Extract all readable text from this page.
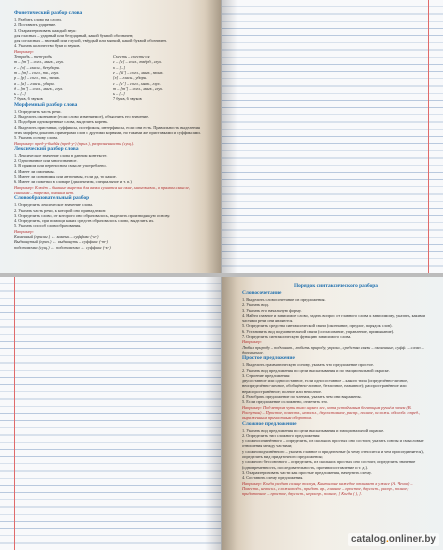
Фонетический разбор слова

1. Разбить слово на слоги.

2. Поставить ударение.

3. Охарактеризовать каждый звук:

для гласных – ударный или безударный, какой буквой обозначен;

для согласных – звонкий или глухой, твёрдый или мягкий, какой буквой обозначен.

4. Указать количество букв и звуков.

Например:

Тетрадь – тет-радь

т – [т’] – согл., мягк., глух.

е – [э] – гласн., безударн.

т – [т] – согл., тв., глух.

р – [р] – согл., тв., звонк.

а – [а] – гласн., ударн.

д – [т’] – согл., мягк., глух.

ь – [–]

7 букв, 6 звуков

Съесть – съесть-ся

с – [с] – согл., твёрд., глух.

ъ – [–]

е – [й’] – согл., мягк., звонк.

[э] – гласн., ударн.

с – [с’] – согл., мягк., глух.

т – [т’] – согл., мягк., глух.

ь – [–]

7 букв, 6 звуков

Морфемный разбор слова

1. Определить часть речи.

2. Выделить окончание (если слово изменяемое), объяснить его значение.

3. Подобрав однокоренные слова, выделить корень.

4. Выделить приставки, суффиксы, постфиксы, интерфиксы, если они есть. Правильность выделения этих морфем доказать примерами слов с другими корнями, но такими же приставками и суффиксами.

5. Указать основу слова.

Например: пред-у-быдйя (пред-у-) (прил.), разрозненность (сущ.).

Лексический разбор слова

1. Лексическое значение слова в данном контексте.

2. Однозначное или многозначное.

3. В прямом или переносном смысле употреблено.

4. Имеет ли омонимы.

5. Имеет ли синонимы или антонимы, если да, то какие.

6. Имеет ли пометки в словаре (диалектизм, специальное и т. п.)

Например: Клюёт – бывшие вырезки для вязки сушатся на окне, многозначн., в прямом смысле, синоним – тарелка, омоним нет.

Словообразовательный разбор

1. Определить лексическое значение слова.

2. Указать часть речи, к которой оно принадлежит.

3. Определить слово, от которого оно образовалось, выделить производящую основу.

4. Определить, при помощи каких средств образовалось слово, выделить их.

5. Указать способ словообразования.

Например:

Каменный (прилаг.) ← камень – суффикс (-н-)

Выдвинутый (прич.) ← выдвинуть – суффикс (-т-)

подставочка (сущ.) ← подставочка ← суффикс (-к-)

Порядок синтаксического разбора

Словосочетание

1. Выделить словосочетание из предложения.

2. Указать вид.

3. Указать его начальную форму.

4. Найти главное и зависимое слово, задать вопрос от главного слова к зависимому, указать, какими частями речи они являются.

5. Определить средства синтаксической связи (окончание, предлог, порядок слов).

6. Установить вид подчинительной связи (согласование, управление, примыкание).

7. Определить синтаксическую функцию зависимого слова.

Например:

Любил природу – подчинит., любить природу, управл., средства связи – окончание, суфф. – слово – дополнение.

Простое предложение

1. Выделить грамматическую основу, указать что предложение простое.

2. Указать вид предложения по цели высказывания и по эмоциональной окраске.

3. Строение предложения:

двусоставное или односоставное, если односоставное – какого типа (определённо-личное, неопределённо-личное, обобщённо-личное, безличное, назывное); распространённое или нераспространённое; полное или неполное.

4. Разобрать предложение по членам, указать чем они выражены.

5. Если предложение осложнено, отметить это.

Например: Под ветром чуть тихо шумел лес, хотя устойчивым бегающим ручьём зачем (В. Распутин) – Простое, повеств., невоскл., двусоставное, распр., полное, осложн. обособл. опред., выраженным причастным оборотом.

Сложное предложение

1. Указать вид предложения по цели высказывания и эмоциональной окраске.

2. Определить тип сложного предложения:

у сложносочинённого – определить, из скольких простых оно состоит, указать союзы и смысловые отношения между частями;

у сложноподчинённого – указать главное и придаточные (к чему относится и чем присоединяется), определить вид придаточного предложения;

у сложного бессоюзного – определить, из скольких простых оно состоит, определить значение (одновременность, последовательность, противопоставление и т. д.).

3. Охарактеризовать части как простые предложения, начертить схему.

4. Составить схему предложения.

Например: Когда уходит солнце тоскуя, Кантилоне кажедое отливает в ужасе (А. Чехов) – Повеств., невоскл., сложноподч., придат. вр., главное – простое, двусост., распр., полное; придаточное – простое, двусост., нераспр., полное, [ Когда ( ), ].

catalog.onliner.by
